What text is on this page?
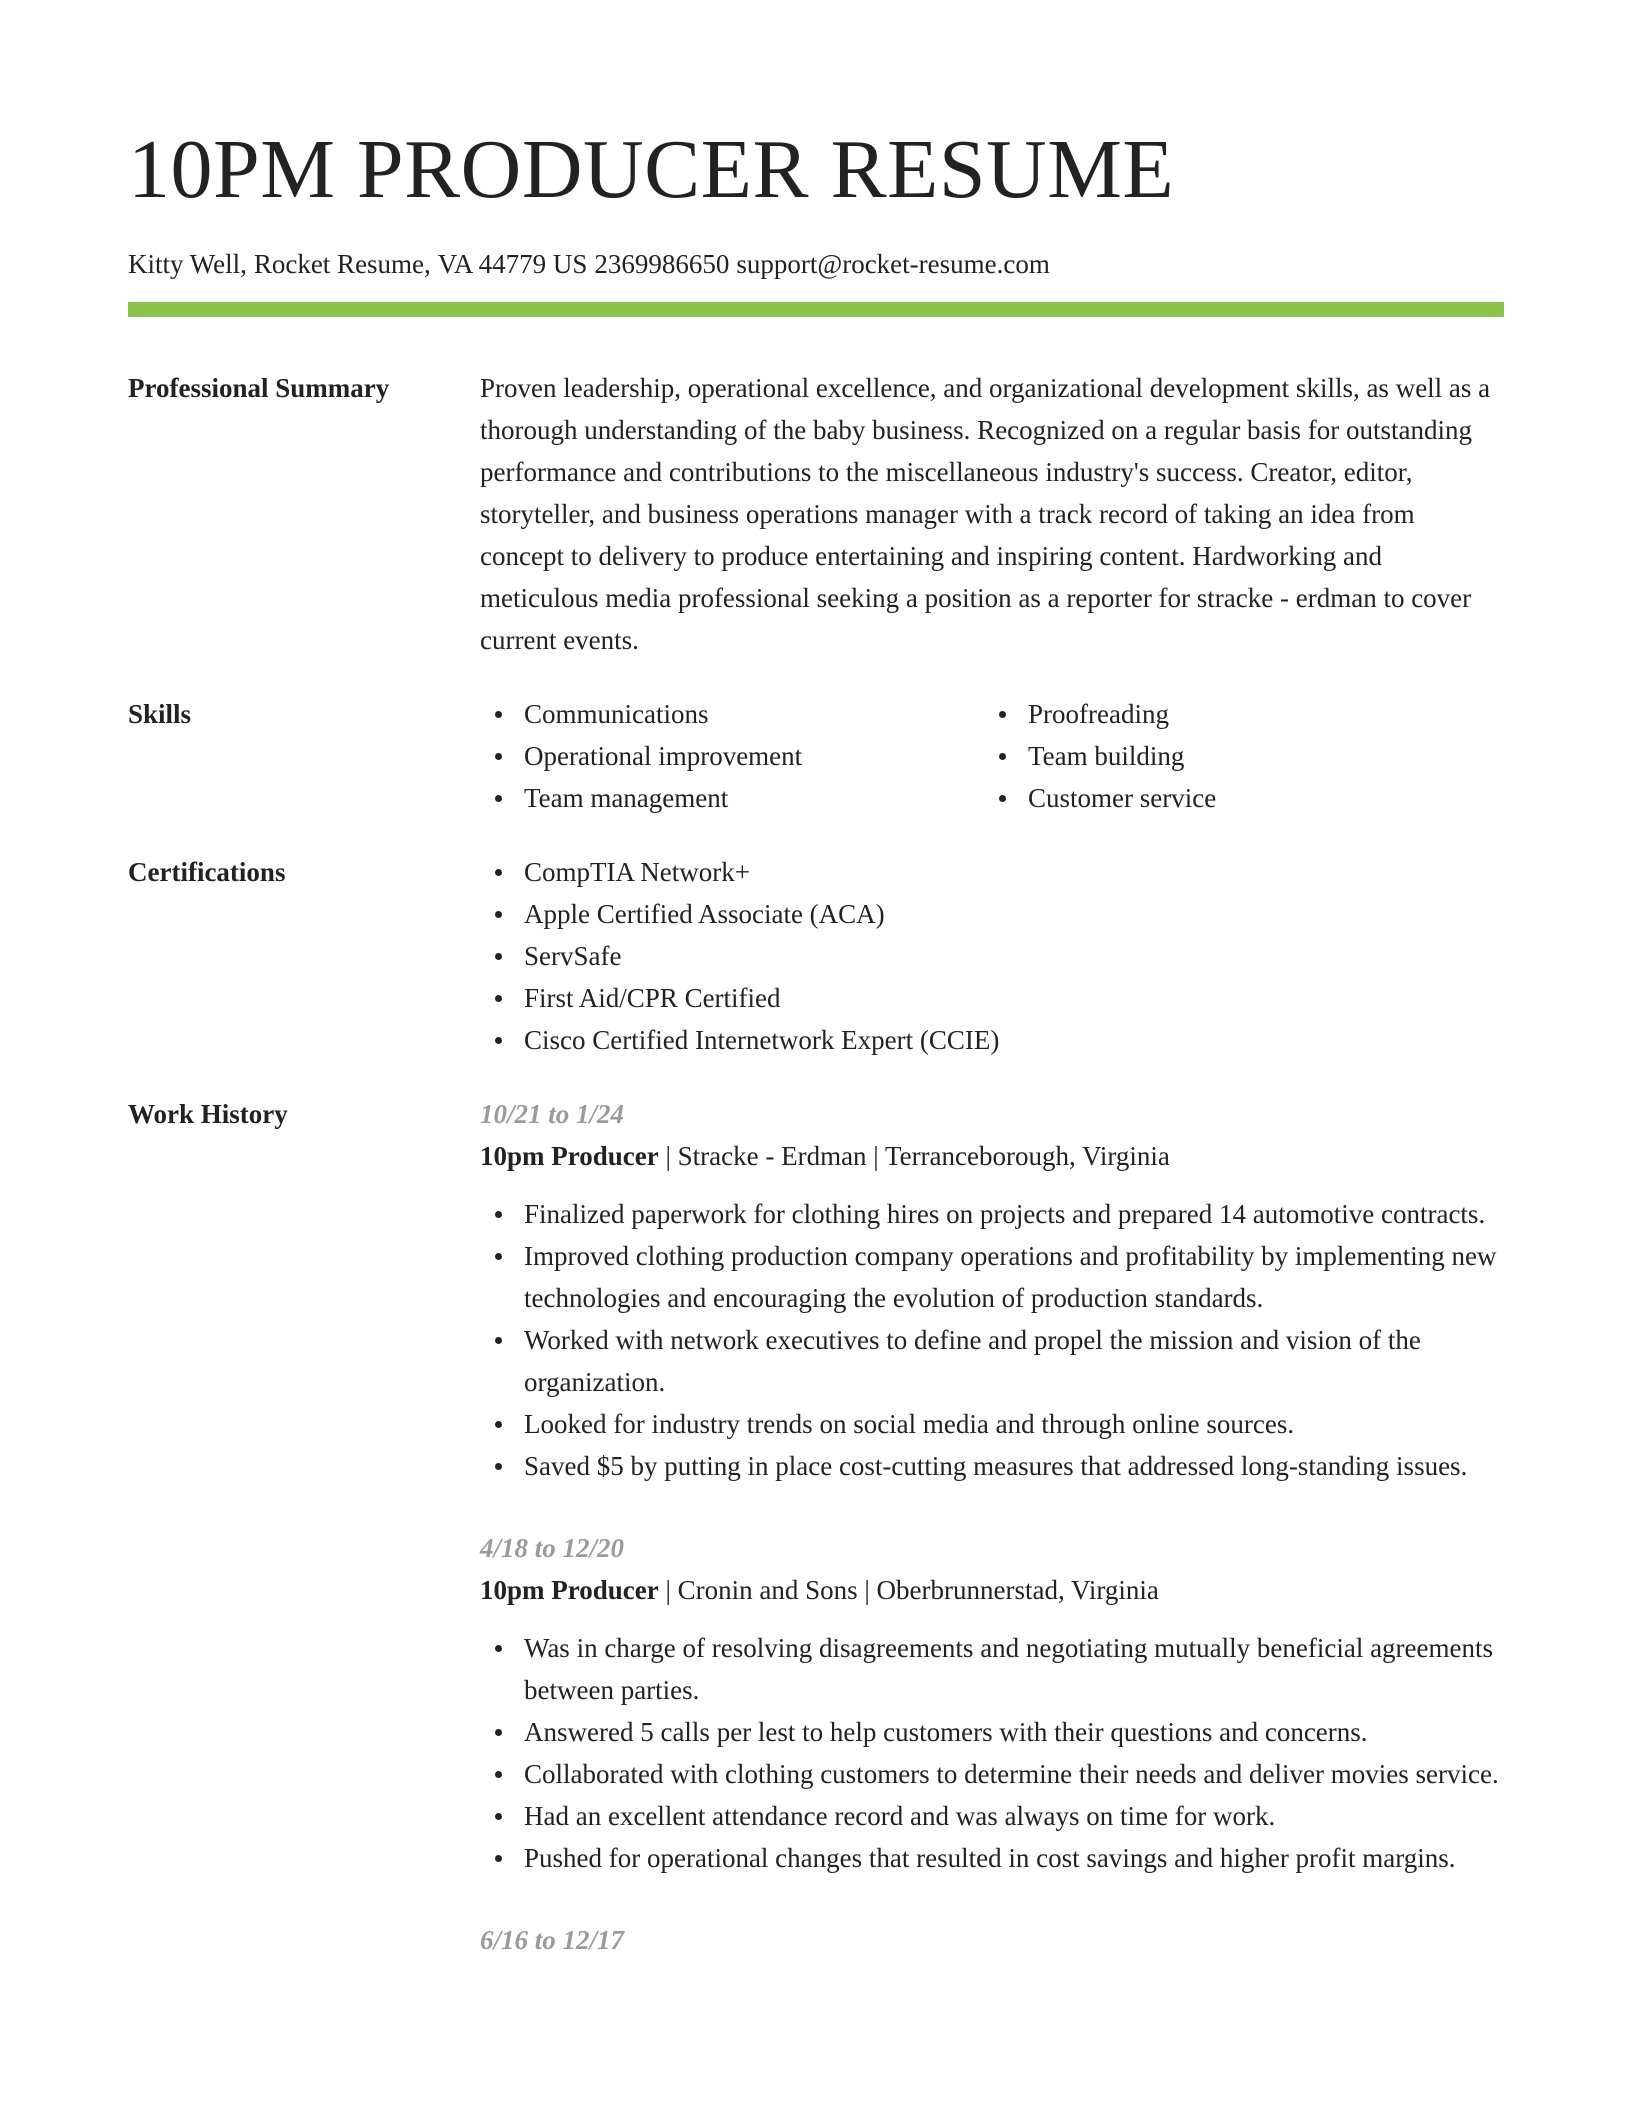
10PM PRODUCER RESUME
Kitty Well, Rocket Resume, VA 44779 US 2369986650 support@rocket-resume.com
Professional Summary	Proven leadership, operational excellence, and organizational development skills, as well as a thorough understanding of the baby business. Recognized on a regular basis for outstanding performance and contributions to the miscellaneous industry's success. Creator, editor, storyteller, and business operations manager with a track record of taking an idea from concept to delivery to produce entertaining and inspiring content. Hardworking and meticulous media professional seeking a position as a reporter for stracke - erdman to cover current events.
Skills	Communications
Operational improvement
Team management
Proofreading
Team building
Customer service
Certifications	CompTIA Network+
Apple Certified Associate (ACA)
ServSafe
First Aid/CPR Certified
Cisco Certified Internetwork Expert (CCIE)
Work History	10/21 to 1/24
10pm Producer | Stracke - Erdman | Terranceborough, Virginia
Finalized paperwork for clothing hires on projects and prepared 14 automotive contracts.
Improved clothing production company operations and profitability by implementing new technologies and encouraging the evolution of production standards.
Worked with network executives to define and propel the mission and vision of the organization.
Looked for industry trends on social media and through online sources.
Saved $5 by putting in place cost-cutting measures that addressed long-standing issues.
4/18 to 12/20
10pm Producer | Cronin and Sons | Oberbrunnerstad, Virginia
Was in charge of resolving disagreements and negotiating mutually beneficial agreements between parties.
Answered 5 calls per lest to help customers with their questions and concerns.
Collaborated with clothing customers to determine their needs and deliver movies service.
Had an excellent attendance record and was always on time for work.
Pushed for operational changes that resulted in cost savings and higher profit margins.
6/16 to 12/17
